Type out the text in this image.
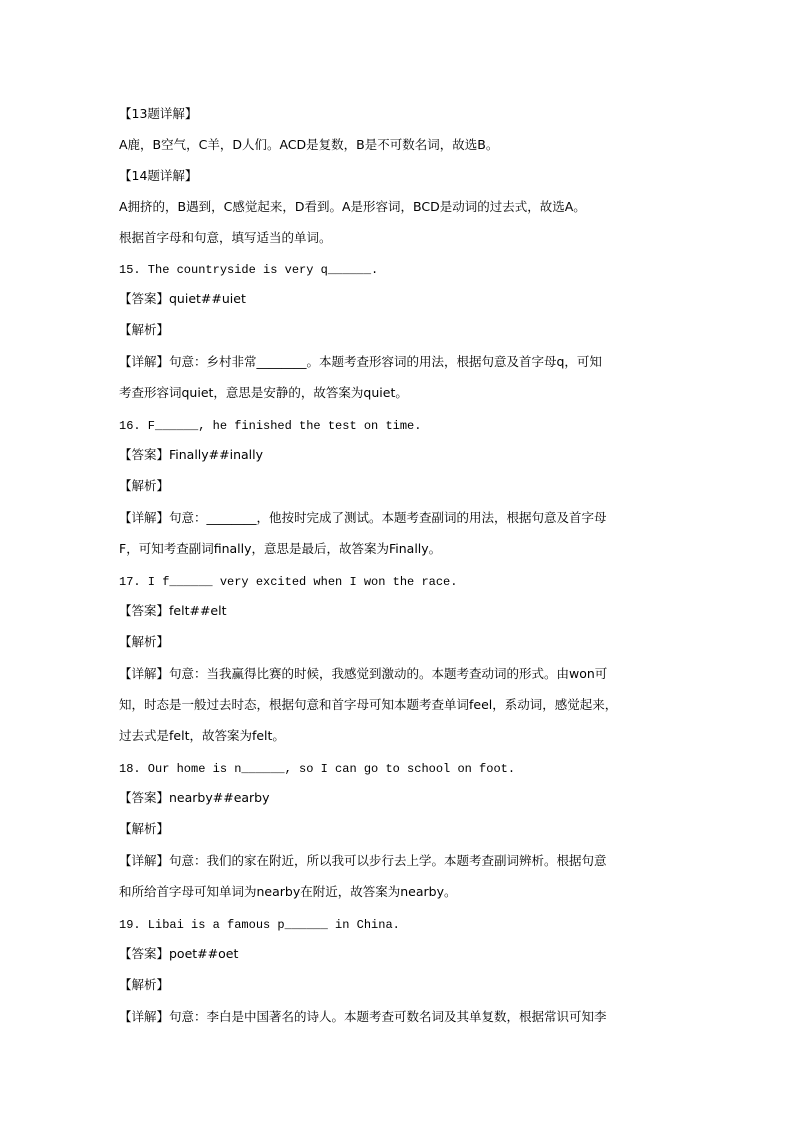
【13题详解】
A鹿，B空气，C羊，D人们。ACD是复数，B是不可数名词，故选B。
【14题详解】
A拥挤的，B遇到，C感觉起来，D看到。A是形容词，BCD是动词的过去式，故选A。
根据首字母和句意，填写适当的单词。
15. The countryside is very q______.
【答案】quiet##uiet
【解析】
【详解】句意：乡村非常________。本题考查形容词的用法，根据句意及首字母q，可知
考查形容词quiet，意思是安静的，故答案为quiet。
16. F______, he finished the test on time.
【答案】Finally##inally
【解析】
【详解】句意：________，他按时完成了测试。本题考查副词的用法，根据句意及首字母
F，可知考查副词finally，意思是最后，故答案为Finally。
17. I f______ very excited when I won the race.
【答案】felt##elt
【解析】
【详解】句意：当我赢得比赛的时候，我感觉到激动的。本题考查动词的形式。由won可
知，时态是一般过去时态，根据句意和首字母可知本题考查单词feel，系动词，感觉起来，
过去式是felt，故答案为felt。
18. Our home is n______, so I can go to school on foot.
【答案】nearby##earby
【解析】
【详解】句意：我们的家在附近，所以我可以步行去上学。本题考查副词辨析。根据句意
和所给首字母可知单词为nearby在附近，故答案为nearby。
19. Libai is a famous p______ in China.
【答案】poet##oet
【解析】
【详解】句意：李白是中国著名的诗人。本题考查可数名词及其单复数，根据常识可知李
